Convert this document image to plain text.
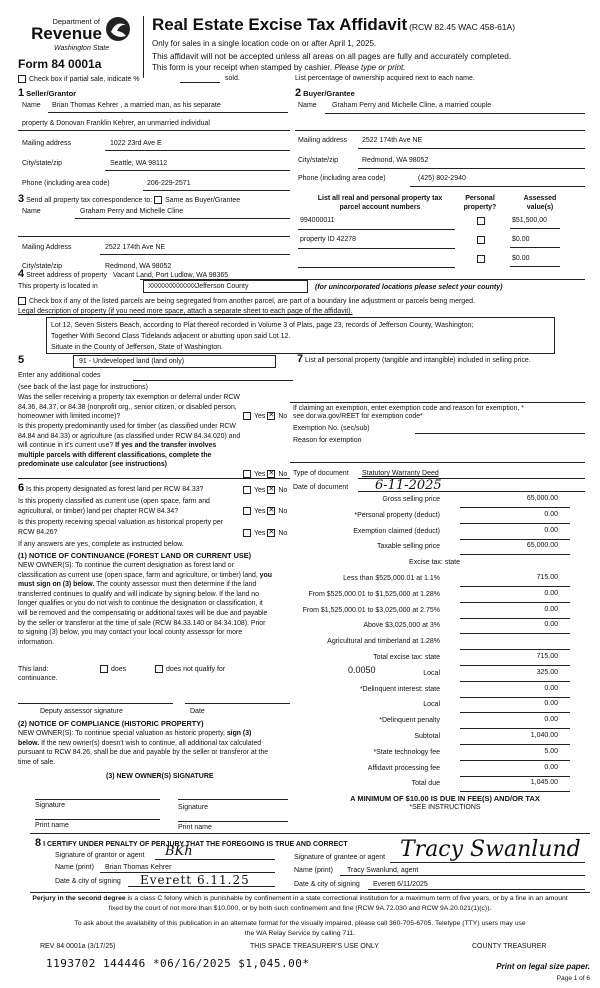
Department of
Revenue
Washington State
Form 84 0001a
Real Estate Excise Tax Affidavit (RCW 82.45 WAC 458-61A)
Only for sales in a single location code on or after April 1, 2025.
This affidavit will not be accepted unless all areas on all pages are fully and accurately completed.
This form is your receipt when stamped by cashier. Please type or print.
Check box if partial sale, indicate %	sold.	List percentage of ownership acquired next to each name.
1 Seller/Grantor
Name Brian Thomas Kehrer , a married man, as his separate
property & Donovan Franklin Kehrer, an unmarried individual
Mailing address	1022 23rd Ave E
City/state/zip	Seattle, WA 98112
Phone (including area code)	206-229-2571
2 Buyer/Grantee
Name Graham Perry and Michelle Cline, a married couple
Mailing address 2522 174th Ave NE
City/state/zip	Redmond, WA 98052
Phone (including area code)	(425) 802-2940
3 Send all property tax correspondence to: Same as Buyer/Grantee
Name	Graham Perry and Michelle Cline
Mailing Address	2522 174th Ave NE
City/state/zip	Redmond, WA 98052
List all real and personal property tax
parcel account numbers
Personal
property?
Assessed
value(s)
994000011	$51,500.00
property ID 42278	$0.00
$0.00
4 Street address of property Vacant Land, Port Ludlow, WA 98365
This property is located in	XXXXXXXXXXXXXJefferson County	(for unincorporated locations please select your county)
Check box if any of the listed parcels are being segregated from another parcel, are part of a boundary line adjustment or parcels being merged.
Legal description of property (if you need more space, attach a separate sheet to each page of the affidavit).
Lot 12, Seven Sisters Beach, according to Plat thereof recorded in Volume 3 of Plats, page 23, records of Jefferson County, Washington;
Together With Second Class Tidelands adjacent or abutting upon said Lot 12.
Situate in the County of Jefferson, State of Washington.
5	91 - Undeveloped land (land only)
Enter any additional codes
(see back of the last page for instructions)
Was the seller receiving a property tax exemption or deferral under RCW 84.36, 84.37, or 84.38 (nonprofit org., senior citizen, or disabled person, homeowner with limited income)?	Yes ✕ No
Is this property predominantly used for timber (as classified under RCW 84.84 and 84.33) or agriculture (as classified under RCW 84.34.020) and will continue in it's current use? If yes and the transfer involves multiple parcels with different classifications, complete the predominate use calculator (see instructions)
Yes ✕ No
6 Is this property designated as forest land per RCW 84.33?	Yes ✕ No
Is this property classified as current use (open space, farm and agricultural, or timber) land per chapter RCW 84.34?	Yes ✕ No
Is this property receiving special valuation as historical property per RCW 84.26?	Yes ✕ No
If any answers are yes, complete as instructed below.
(1) NOTICE OF CONTINUANCE (FOREST LAND OR CURRENT USE)
NEW OWNER(S): To continue the current designation as forest land or classification as current use (open space, farm and agriculture, or timber) land, you must sign on (3) below. The county assessor must then determine if the land transferred continues to qualify and will indicate by signing below. If the land no longer qualifies or you do not wish to continue the designation or classification, it will be removed and the compensating or additional taxes will be due and payable by the seller or transferor at the time of sale (RCW 84.33.140 or 84.34.108). Prior to signing (3) below, you may contact your local county assessor for more information.
This land:
continuance.
does	does not qualify for
Deputy assessor signature	Date
(2) NOTICE OF COMPLIANCE (HISTORIC PROPERTY)
NEW OWNER(S): To continue special valuation as historic property, sign (3) below. If the new owner(s) doesn't wish to continue, all additional tax calculated pursuant to RCW 84.26, shall be due and payable by the seller or transferor at the time of sale.
(3) NEW OWNER(S) SIGNATURE
Signature	Signature
Print name	Print name
7 List all personal property (tangible and intangible) included in selling price.
If claiming an exemption, enter exemption code and reason for exemption, * see dor.wa.gov/REET for exemption code*
Exemption No. (sec/sub)
Reason for exemption
Type of document Statutory Warranty Deed
Date of document 6-11-2025
Gross selling price	65,000.00
*Personal property (deduct)	0.00
Exemption claimed (deduct)	0.00
Taxable selling price	65,000.00
Excise tax: state
Less than $525,000.01 at 1.1%	715.00
From $525,000.01 to $1,525,000 at 1.28%	0.00
From $1,525,000.01 to $3,025,000 at 2.75%	0.00
Above $3,025,000 at 3%	0.00
Agricultural and timberland at 1.28%
Total excise tax: state	715.00
Local	325.00
*Delinquent interest: state	0.00
Local	0.00
*Delinquent penalty	0.00
Subtotal	1,040.00
*State technology fee	5.00
Affidavit processing fee	0.00
Total due	1,045.00
0.0050
A MINIMUM OF $10.00 IS DUE IN FEE(S) AND/OR TAX
*SEE INSTRUCTIONS
8 I CERTIFY UNDER PENALTY OF PERJURY THAT THE FOREGOING IS TRUE AND CORRECT
Signature of grantor or agent BKh
Name (print) Brian Thomas Kehrer
Date & city of signing Everett 6.11.25
Signature of grantee or agent Tracy Swanlund
Name (print) Tracy Swanlund, agent
Date & city of signing Everett 6/11/2025
Perjury in the second degree is a class C felony which is punishable by confinement in a state correctional institution for a maximum term of five years, or by a fine in an amount fixed by the court of not more than $10,000, or by both such confinement and fine (RCW 9A.72.030 and RCW 9A.20.021(1)(c)).
To ask about the availability of this publication in an alternate format for the visually impaired, please call 360-705-6705. Teletype (TTY) users may use the WA Relay Service by calling 711.
REV 84 0001a (3/17/25)	THIS SPACE TREASURER'S USE ONLY	COUNTY TREASURER
1193702 144446 *06/16/2025 $1,045.00*	Print on legal size paper.
Page 1 of 6
